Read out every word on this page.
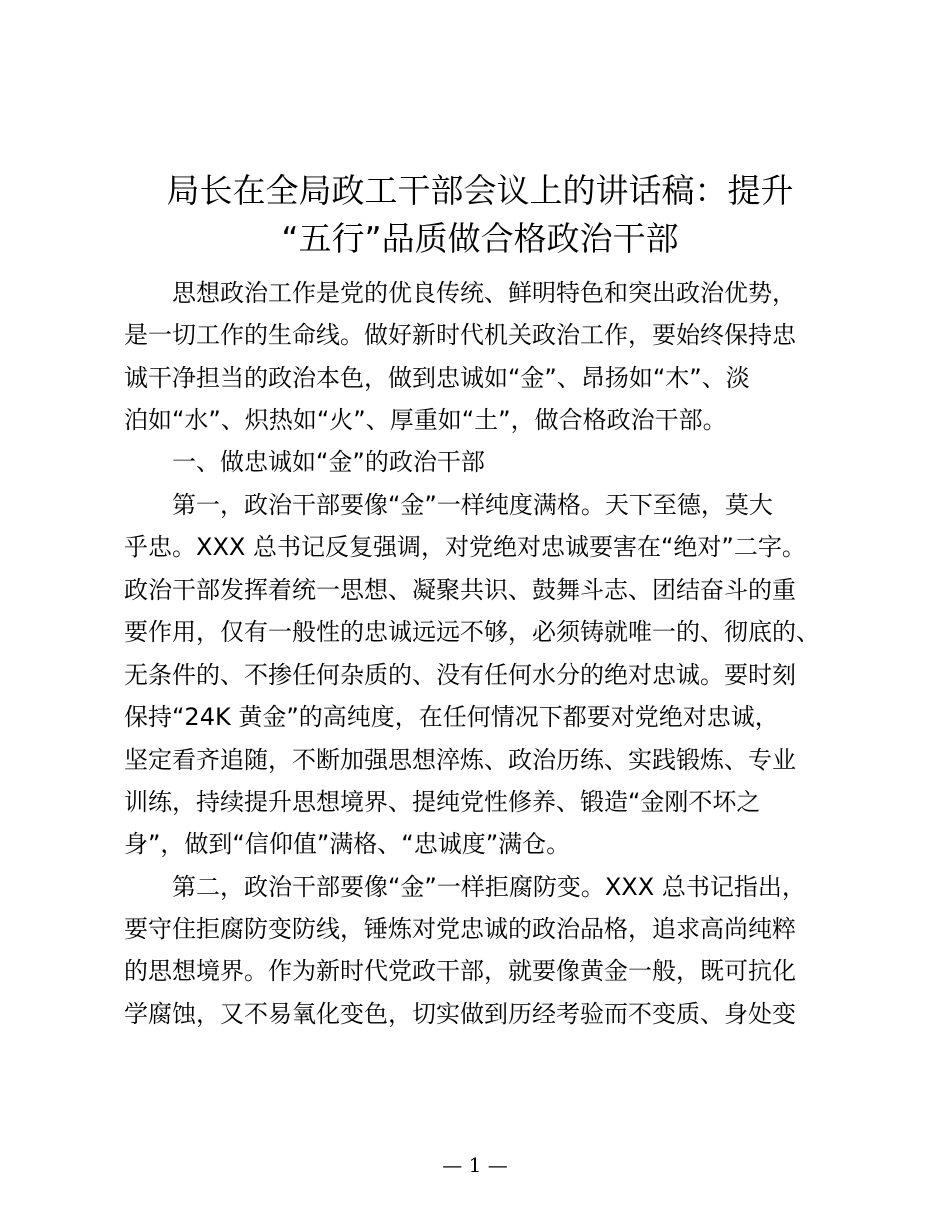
局长在全局政工干部会议上的讲话稿：提升
“五行”品质做合格政治干部
　　思想政治工作是党的优良传统、鲜明特色和突出政治优势，
是一切工作的生命线。做好新时代机关政治工作，要始终保持忠
诚干净担当的政治本色，做到忠诚如“金”、昂扬如“木”、淡
泊如“水”、炽热如“火”、厚重如“土”，做合格政治干部。
　　一、做忠诚如“金”的政治干部
　　第一，政治干部要像“金”一样纯度满格。天下至德，莫大
乎忠。XXX 总书记反复强调，对党绝对忠诚要害在“绝对”二字。
政治干部发挥着统一思想、凝聚共识、鼓舞斗志、团结奋斗的重
要作用，仅有一般性的忠诚远远不够，必须铸就唯一的、彻底的、
无条件的、不掺任何杂质的、没有任何水分的绝对忠诚。要时刻
保持“24K 黄金”的高纯度，在任何情况下都要对党绝对忠诚，
坚定看齐追随，不断加强思想淬炼、政治历练、实践锻炼、专业
训练，持续提升思想境界、提纯党性修养、锻造“金刚不坏之
身”，做到“信仰值”满格、“忠诚度”满仓。
　　第二，政治干部要像“金”一样拒腐防变。XXX 总书记指出，
要守住拒腐防变防线，锤炼对党忠诚的政治品格，追求高尚纯粹
的思想境界。作为新时代党政干部，就要像黄金一般，既可抗化
学腐蚀，又不易氧化变色，切实做到历经考验而不变质、身处变
— 1 —
